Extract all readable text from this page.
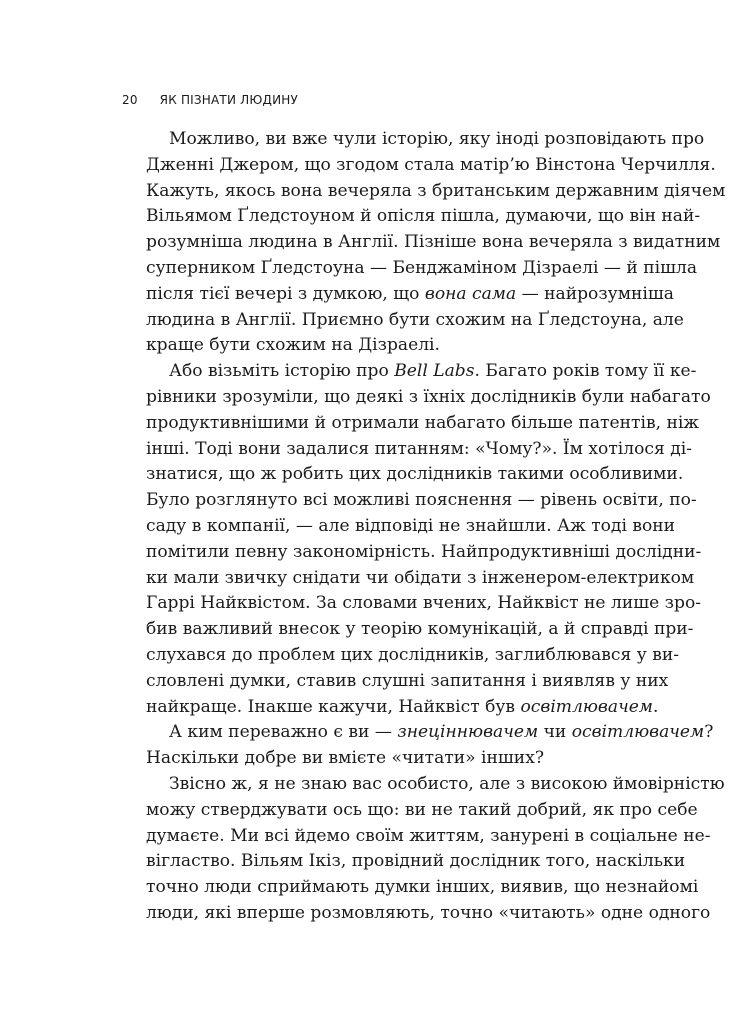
20 ЯК ПІЗНАТИ ЛЮДИНУ
Можливо, ви вже чули історію, яку іноді розповідають про
Дженні Джером, що згодом стала матір’ю Вінстона Черчилля.
Кажуть, якось вона вечеряла з британським державним діячем
Вільямом Ґледстоуном й опісля пішла, думаючи, що він най-
розумніша людина в Англії. Пізніше вона вечеряла з видатним
суперником Ґледстоуна — Бенджаміном Дізраелі — й пішла
після тієї вечері з думкою, що вона сама — найрозумніша
людина в Англії. Приємно бути схожим на Ґледстоуна, але
краще бути схожим на Дізраелі.
Або візьміть історію про Bell Labs. Багато років тому її ке-
рівники зрозуміли, що деякі з їхніх дослідників були набагато
продуктивнішими й отримали набагато більше патентів, ніж
інші. Тоді вони задалися питанням: «Чому?». Їм хотілося ді-
знатися, що ж робить цих дослідників такими особливими.
Було розглянуто всі можливі пояснення — рівень освіти, по-
саду в компанії, — але відповіді не знайшли. Аж тоді вони
помітили певну закономірність. Найпродуктивніші дослідни-
ки мали звичку снідати чи обідати з інженером-електриком
Гаррі Найквістом. За словами вчених, Найквіст не лише зро-
бив важливий внесок у теорію комунікацій, а й справді при-
слухався до проблем цих дослідників, заглиблювався у ви-
словлені думки, ставив слушні запитання і виявляв у них
найкраще. Інакше кажучи, Найквіст був освітлювачем.
А ким переважно є ви — знеціннювачем чи освітлювачем?
Наскільки добре ви вмієте «читати» інших?
Звісно ж, я не знаю вас особисто, але з високою ймовірністю
можу стверджувати ось що: ви не такий добрий, як про себе
думаєте. Ми всі йдемо своїм життям, занурені в соціальне не-
вігластво. Вільям Ікіз, провідний дослідник того, наскільки
точно люди сприймають думки інших, виявив, що незнайомі
люди, які вперше розмовляють, точно «читають» одне одного
